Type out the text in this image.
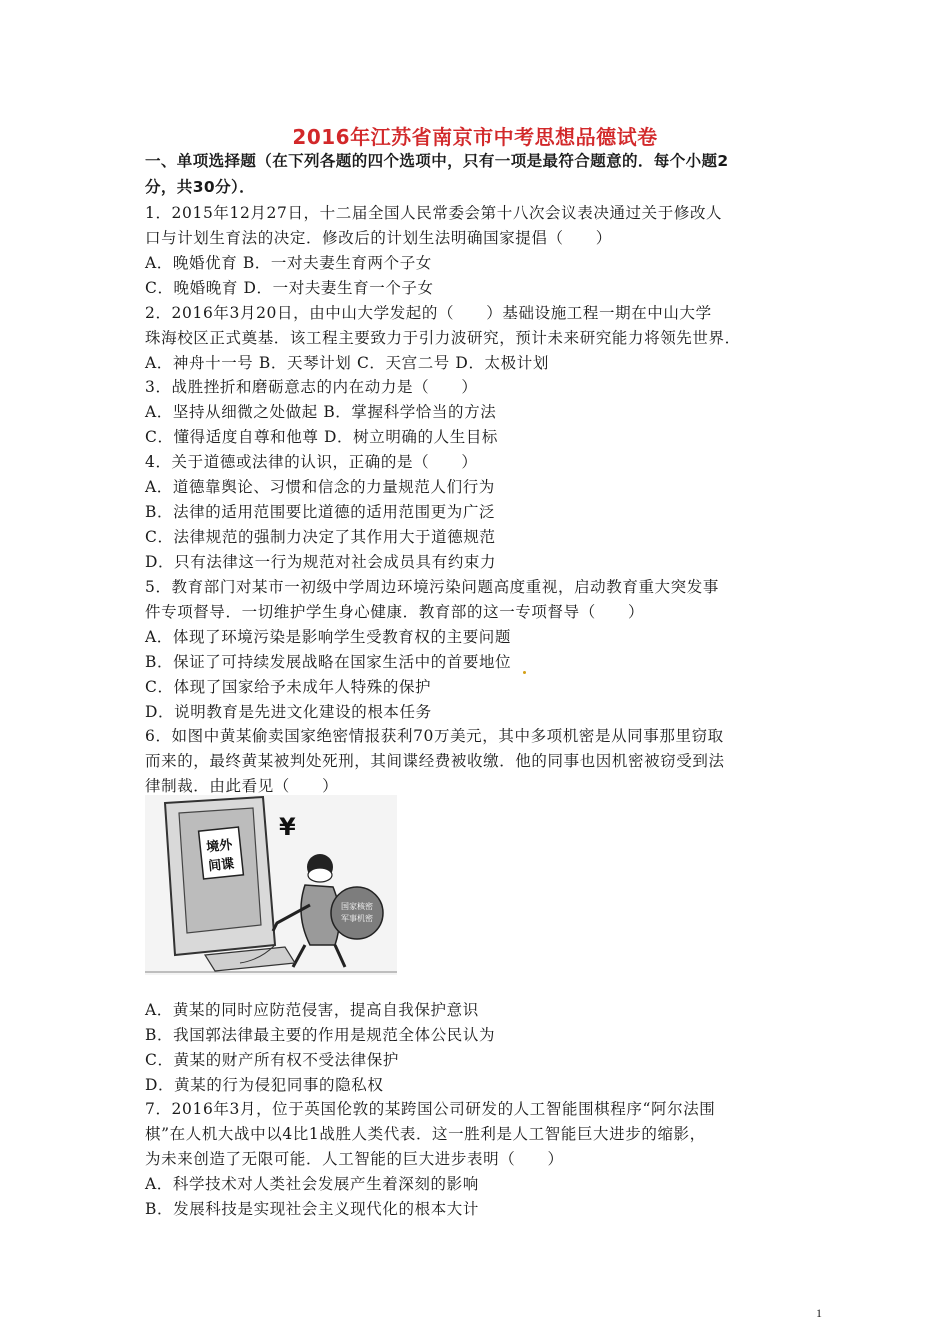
2016年江苏省南京市中考思想品德试卷
一、单项选择题（在下列各题的四个选项中，只有一项是最符合题意的．每个小题2
分，共30分）．
1．2015年12月27日，十二届全国人民常委会第十八次会议表决通过关于修改人
口与计划生育法的决定．修改后的计划生法明确国家提倡（　　）
A．晚婚优育 B．一对夫妻生育两个子女
C．晚婚晚育 D．一对夫妻生育一个子女
2．2016年3月20日，由中山大学发起的（　　）基础设施工程一期在中山大学
珠海校区正式奠基．该工程主要致力于引力波研究，预计未来研究能力将领先世界．
A．神舟十一号 B．天琴计划 C．天宫二号 D．太极计划
3．战胜挫折和磨砺意志的内在动力是（　　）
A．坚持从细微之处做起 B．掌握科学恰当的方法
C．懂得适度自尊和他尊 D．树立明确的人生目标
4．关于道德或法律的认识，正确的是（　　）
A．道德靠舆论、习惯和信念的力量规范人们行为
B．法律的适用范围要比道德的适用范围更为广泛
C．法律规范的强制力决定了其作用大于道德规范
D．只有法律这一行为规范对社会成员具有约束力
5．教育部门对某市一初级中学周边环境污染问题高度重视，启动教育重大突发事
件专项督导．一切维护学生身心健康．教育部的这一专项督导（　　）
A．体现了环境污染是影响学生受教育权的主要问题
B．保证了可持续发展战略在国家生活中的首要地位
C．体现了国家给予未成年人特殊的保护
D．说明教育是先进文化建设的根本任务
6．如图中黄某偷卖国家绝密情报获利70万美元，其中多项机密是从同事那里窃取
而来的，最终黄某被判处死刑，其间谍经费被收缴．他的同事也因机密被窃受到法
律制裁．由此看见（　　）
境外
间谍
¥
国家核密
军事机密
A．黄某的同时应防范侵害，提高自我保护意识
B．我国郭法律最主要的作用是规范全体公民认为
C．黄某的财产所有权不受法律保护
D．黄某的行为侵犯同事的隐私权
7．2016年3月，位于英国伦敦的某跨国公司研发的人工智能围棋程序“阿尔法围
棋”在人机大战中以4比1战胜人类代表．这一胜利是人工智能巨大进步的缩影，
为未来创造了无限可能．人工智能的巨大进步表明（　　）
A．科学技术对人类社会发展产生着深刻的影响
B．发展科技是实现社会主义现代化的根本大计
1
